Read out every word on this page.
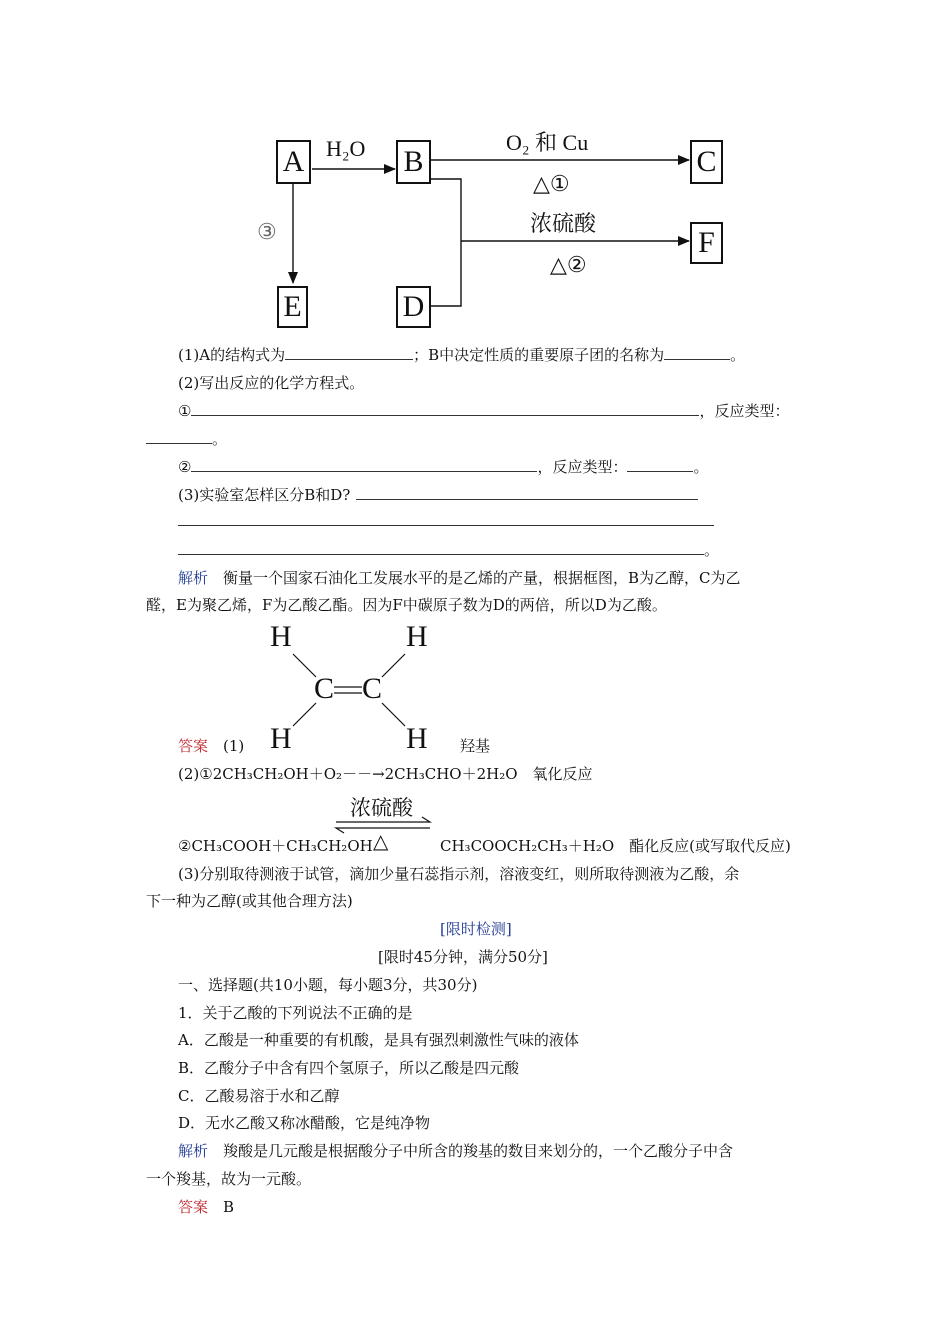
A	B	C
E	D
F
H₂O	O₂ 和 Cu
△①
浓硫酸
△②
③
(1)A的结构式为	；B中决定性质的重要原子团的名称为	。
(2)写出反应的化学方程式。
①	，反应类型：
。
②	，反应类型：	。
(3)实验室怎样区分B和D?
。
解析　 衡量一个国家石油化工发展水平的是乙烯的产量，根据框图，B为乙醇，C为乙
醛，E为聚乙烯，F为乙酸乙酯。因为F中碳原子数为D的两倍，所以D为乙酸。
H	H
C C
H	H
答案　 (1)	羟基
(2)①2CH₃CH₂OH＋O₂－－→2CH₃CHO＋2H₂O　氧化反应
浓硫酸
△
②CH₃COOH＋CH₃CH₂OH	CH₃COOCH₂CH₃＋H₂O　酯化反应(或写取代反应)
(3)分别取待测液于试管，滴加少量石蕊指示剂，溶液变红，则所取待测液为乙酸，余
下一种为乙醇(或其他合理方法)
[限时检测]
[限时45分钟，满分50分]
一、选择题(共10小题，每小题3分，共30分)
1．关于乙酸的下列说法不正确的是
A．乙酸是一种重要的有机酸，是具有强烈刺激性气味的液体
B．乙酸分子中含有四个氢原子，所以乙酸是四元酸
C．乙酸易溶于水和乙醇
D．无水乙酸又称冰醋酸，它是纯净物
解析　 羧酸是几元酸是根据酸分子中所含的羧基的数目来划分的，一个乙酸分子中含
一个羧基，故为一元酸。
答案　 B
